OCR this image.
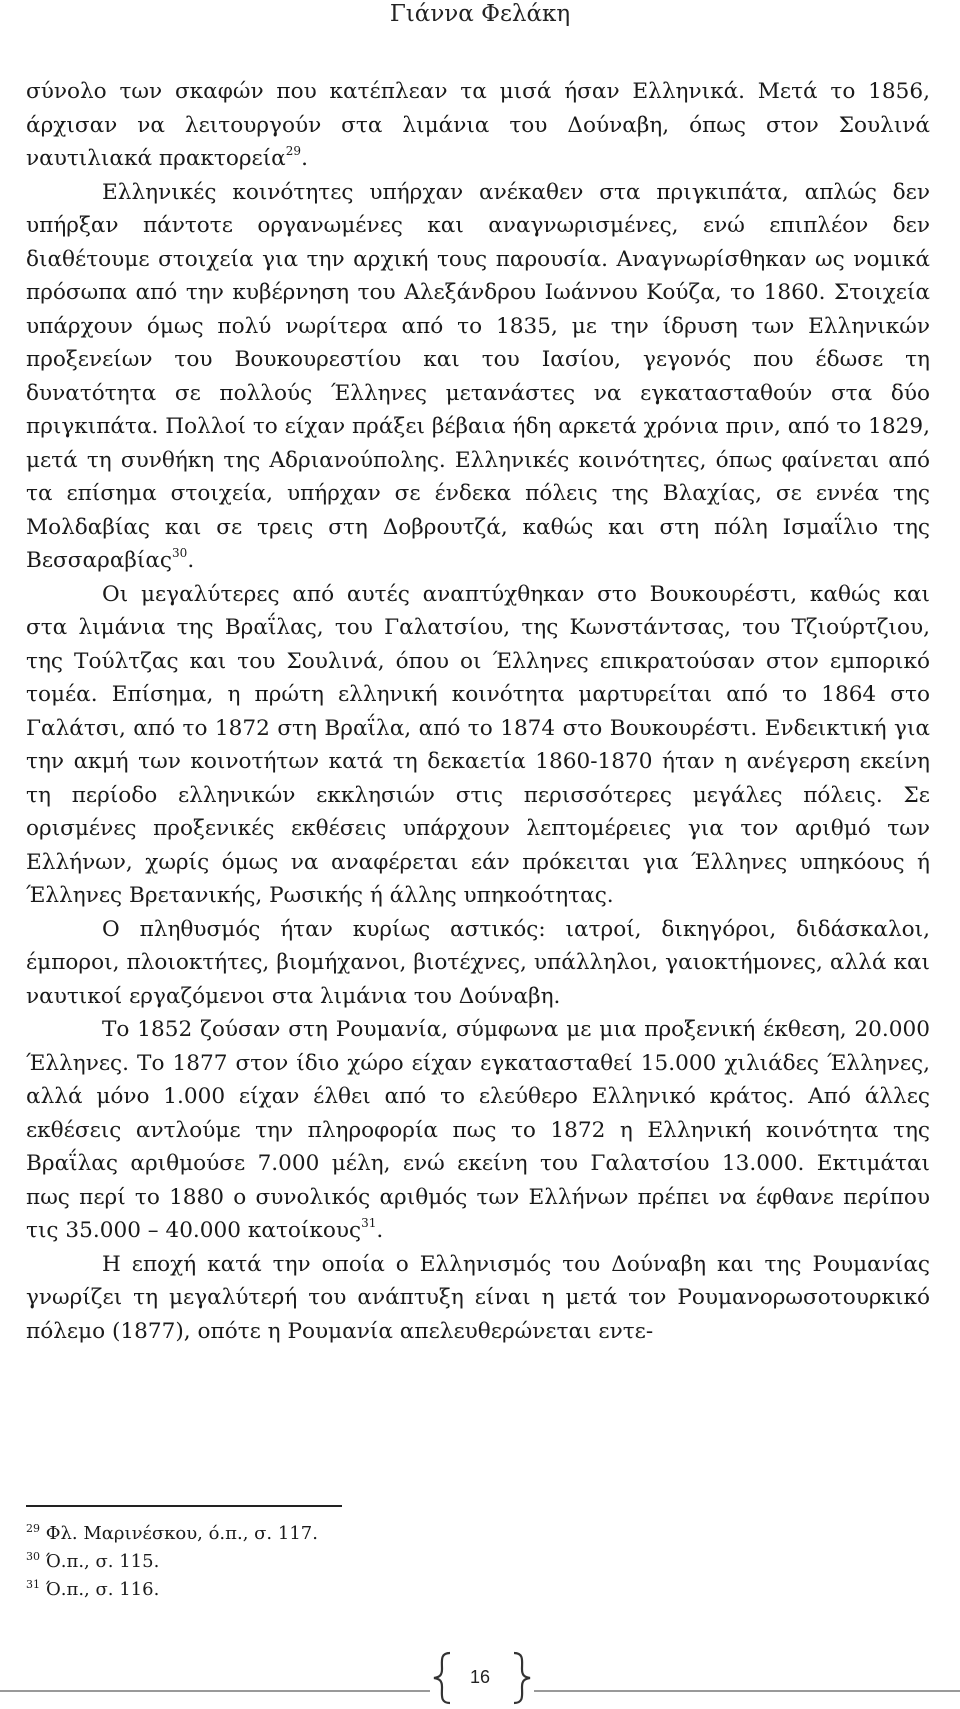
Γιάννα Φελάκη

σύνολο των σκαφών που κατέπλεαν τα μισά ήσαν Ελληνικά. Μετά το 1856, άρχισαν να λειτουργούν στα λιμάνια του Δούναβη, όπως στον Σουλινά ναυτιλιακά πρακτορεία$^{29}$.

Ελληνικές κοινότητες υπήρχαν ανέκαθεν στα πριγκιπάτα, απλώς δεν υπήρξαν πάντοτε οργανωμένες και αναγνωρισμένες, ενώ επιπλέον δεν διαθέτουμε στοιχεία για την αρχική τους παρουσία. Αναγνωρίσθηκαν ως νομικά πρόσωπα από την κυβέρνηση του Αλεξάνδρου Ιωάννου Κούζα, το 1860. Στοιχεία υπάρχουν όμως πολύ νωρίτερα από το 1835, με την ίδρυση των Ελληνικών προξενείων του Βουκουρεστίου και του Ιασίου, γεγονός που έδωσε τη δυνατότητα σε πολλούς Έλληνες μετανάστες να εγκατασταθούν στα δύο πριγκιπάτα. Πολλοί το είχαν πράξει βέβαια ήδη αρκετά χρόνια πριν, από το 1829, μετά τη συνθήκη της Αδριανούπολης. Ελληνικές κοινότητες, όπως φαίνεται από τα επίσημα στοιχεία, υπήρχαν σε ένδεκα πόλεις της Βλαχίας, σε εννέα της Μολδαβίας και σε τρεις στη Δοβρουτζά, καθώς και στη πόλη Ισμαΐλιο της Βεσσαραβίας$^{30}$.

Οι μεγαλύτερες από αυτές αναπτύχθηκαν στο Βουκουρέστι, καθώς και στα λιμάνια της Βραΐλας, του Γαλατσίου, της Κωνστάντσας, του Τζιούρτζιου, της Τούλτζας και του Σουλινά, όπου οι Έλληνες επικρατούσαν στον εμπορικό τομέα. Επίσημα, η πρώτη ελληνική κοινότητα μαρτυρείται από το 1864 στο Γαλάτσι, από το 1872 στη Βραΐλα, από το 1874 στο Βουκουρέστι. Ενδεικτική για την ακμή των κοινοτήτων κατά τη δεκαετία 1860-1870 ήταν η ανέγερση εκείνη τη περίοδο ελληνικών εκκλησιών στις περισσότερες μεγάλες πόλεις. Σε ορισμένες προξενικές εκθέσεις υπάρχουν λεπτομέρειες για τον αριθμό των Ελλήνων, χωρίς όμως να αναφέρεται εάν πρόκειται για Έλληνες υπηκόους ή Έλληνες Βρετανικής, Ρωσικής ή άλλης υπηκοότητας.

Ο πληθυσμός ήταν κυρίως αστικός: ιατροί, δικηγόροι, διδάσκαλοι, έμποροι, πλοιοκτήτες, βιομήχανοι, βιοτέχνες, υπάλληλοι, γαιοκτήμονες, αλλά και ναυτικοί εργαζόμενοι στα λιμάνια του Δούναβη.

Το 1852 ζούσαν στη Ρουμανία, σύμφωνα με μια προξενική έκθεση, 20.000 Έλληνες. Το 1877 στον ίδιο χώρο είχαν εγκατασταθεί 15.000 χιλιάδες Έλληνες, αλλά μόνο 1.000 είχαν έλθει από το ελεύθερο Ελληνικό κράτος. Από άλλες εκθέσεις αντλούμε την πληροφορία πως το 1872 η Ελληνική κοινότητα της Βραΐλας αριθμούσε 7.000 μέλη, ενώ εκείνη του Γαλατσίου 13.000. Εκτιμάται πως περί το 1880 ο συνολικός αριθμός των Ελλήνων πρέπει να έφθανε περίπου τις 35.000 – 40.000 κατοίκους$^{31}$.

Η εποχή κατά την οποία ο Ελληνισμός του Δούναβη και της Ρουμανίας γνωρίζει τη μεγαλύτερή του ανάπτυξη είναι η μετά τον Ρουμανορωσοτουρκικό πόλεμο (1877), οπότε η Ρουμανία απελευθερώνεται εντε-

$^{29}$ Φλ. Μαρινέσκου, ό.π., σ. 117.

$^{30}$ Ό.π., σ. 115.

$^{31}$ Ό.π., σ. 116.

16
